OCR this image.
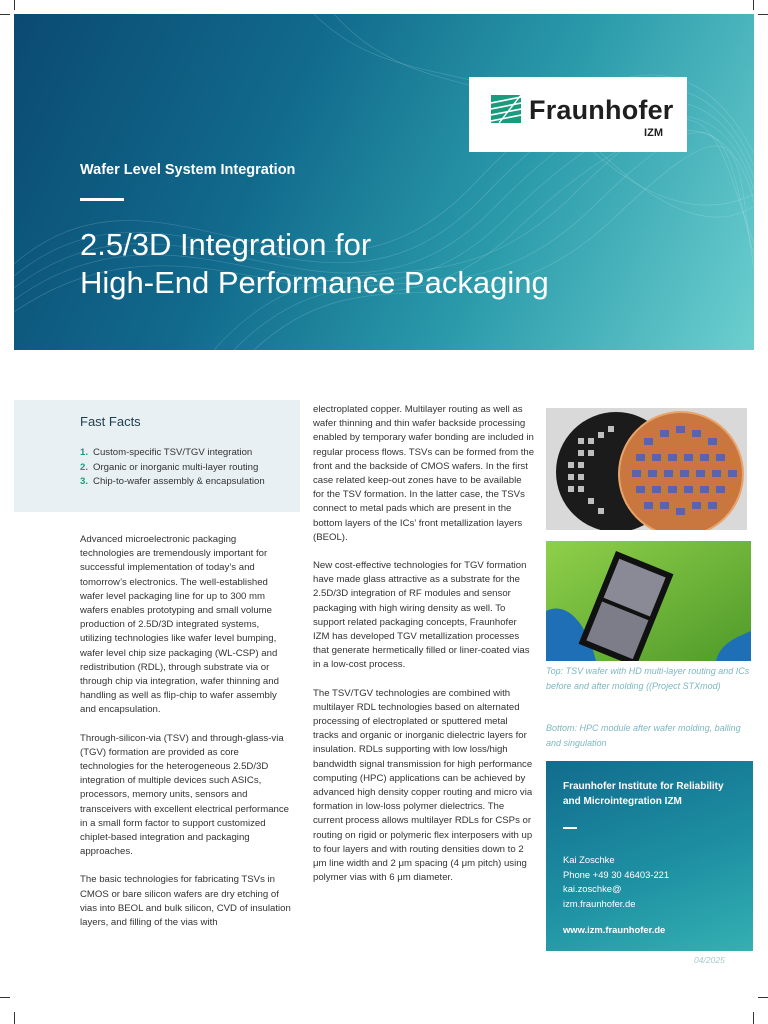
Fraunhofer
IZM
Wafer Level System Integration
2.5/3D Integration for
High-End Performance Packaging
Fast Facts
1. Custom-specific TSV/TGV integration
2. Organic or inorganic multi-layer routing
3. Chip-to-wafer assembly & encapsulation

Advanced microelectronic packaging technologies are tremendously important for successful implementation of today’s and tomorrow’s electronics. The well-established wafer level packaging line for up to 300 mm wafers enables prototyping and small volume production of 2.5D/3D integrated systems, utilizing technologies like wafer level bumping, wafer level chip size packaging (WL-CSP) and redistribution (RDL), through substrate via or through chip via integration, wafer thinning and handling as well as flip-chip to wafer assembly and encapsulation.

Through-silicon-via (TSV) and through-glass-via (TGV) formation are provided as core technologies for the heterogeneous 2.5D/3D integration of multiple devices such ASICs, processors, memory units, sensors and transceivers with excellent electrical performance in a small form factor to support customized chiplet-based integration and packaging approaches.

The basic technologies for fabricating TSVs in CMOS or bare silicon wafers are dry etching of vias into BEOL and bulk silicon, CVD of insulation layers, and filling of the vias with

electroplated copper. Multilayer routing as well as wafer thinning and thin wafer backside processing enabled by temporary wafer bonding are included in regular process flows. TSVs can be formed from the front and the backside of CMOS wafers. In the first case related keep-out zones have to be available for the TSV formation. In the latter case, the TSVs connect to metal pads which are present in the bottom layers of the ICs’ front metallization layers (BEOL).

New cost-effective technologies for TGV formation have made glass attractive as a substrate for the 2.5D/3D integration of RF modules and sensor packaging with high wiring density as well. To support related packaging concepts, Fraunhofer IZM has developed TGV metallization processes that generate hermetically filled or liner-coated vias in a low-cost process.

The TSV/TGV technologies are combined with multilayer RDL technologies based on alternated processing of electroplated or sputtered metal tracks and organic or inorganic dielectric layers for insulation. RDLs supporting with low loss/high bandwidth signal transmission for high performance computing (HPC) applications can be achieved by advanced high density copper routing and micro via formation in low-loss polymer dielectrics. The current process allows multilayer RDLs for CSPs or routing on rigid or polymeric flex interposers with up to four layers and with routing densities down to 2 μm line width and 2 μm spacing (4 μm pitch) using polymer vias with 6 μm diameter.

Top: TSV wafer with HD multi-layer routing and ICs before and after molding ((Project STXmod)
Bottom: HPC module after wafer molding, balling and singulation
Fraunhofer Institute for Reliability and Microintegration IZM
Kai Zoschke
Phone +49 30 46403-221
kai.zoschke@
izm.fraunhofer.de
www.izm.fraunhofer.de
04/2025
